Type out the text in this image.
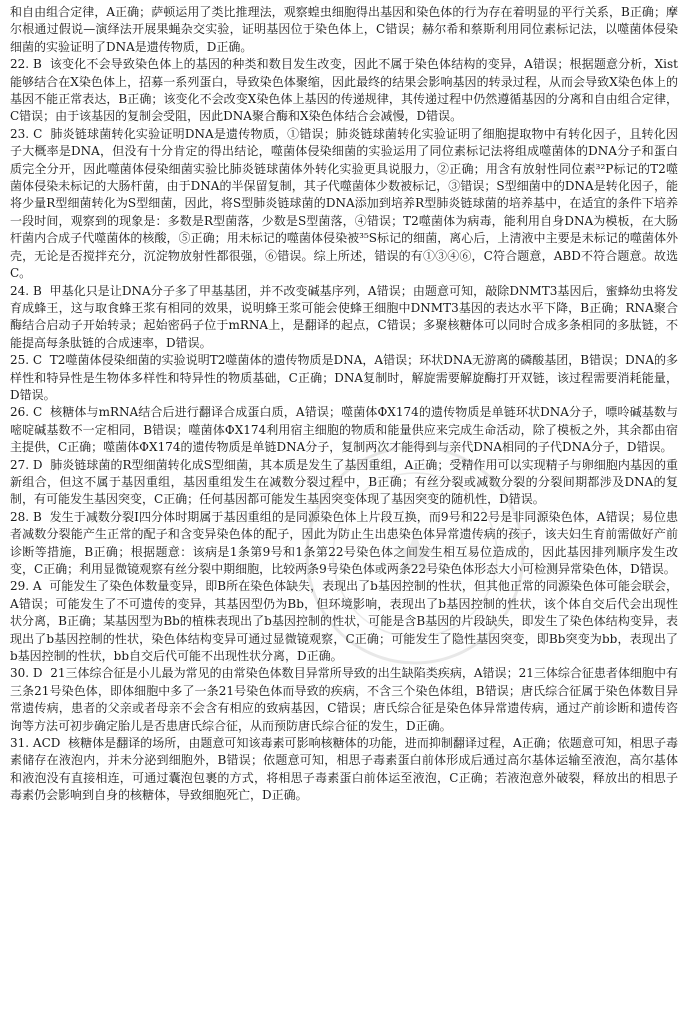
和自由组合定律，A正确；萨顿运用了类比推理法，观察蝗虫细胞得出基因和染色体的行为存在着明显的平行关系，B正确；摩尔根通过假说—演绎法开展果蝇杂交实验，证明基因位于染色体上，C错误；赫尔希和蔡斯利用同位素标记法，以噬菌体侵染细菌的实验证明了DNA是遗传物质，D正确。

22. B 该变化不会导致染色体上的基因的种类和数目发生改变，因此不属于染色体结构的变异，A错误；根据题意分析，Xist能够结合在X染色体上，招募一系列蛋白，导致染色体聚缩，因此最终的结果会影响基因的转录过程，从而会导致X染色体上的基因不能正常表达，B正确；该变化不会改变X染色体上基因的传递规律，其传递过程中仍然遵循基因的分离和自由组合定律，C错误；由于该基因的复制会受阻，因此DNA聚合酶和X染色体结合会减慢，D错误。

23. C 肺炎链球菌转化实验证明DNA是遗传物质，①错误；肺炎链球菌转化实验证明了细胞提取物中有转化因子，且转化因子大概率是DNA，但没有十分肯定的得出结论，噬菌体侵染细菌的实验运用了同位素标记法将组成噬菌体的DNA分子和蛋白质完全分开，因此噬菌体侵染细菌实验比肺炎链球菌体外转化实验更具说服力，②正确；用含有放射性同位素³²P标记的T2噬菌体侵染未标记的大肠杆菌，由于DNA的半保留复制，其子代噬菌体少数被标记，③错误；S型细菌中的DNA是转化因子，能将少量R型细菌转化为S型细菌，因此，将S型肺炎链球菌的DNA添加到培养R型肺炎链球菌的培养基中，在适宜的条件下培养一段时间，观察到的现象是：多数是R型菌落，少数是S型菌落，④错误；T2噬菌体为病毒，能利用自身DNA为模板，在大肠杆菌内合成子代噬菌体的核酸，⑤正确；用未标记的噬菌体侵染被³⁵S标记的细菌，离心后，上清液中主要是未标记的噬菌体外壳，无论是否搅拌充分，沉淀物放射性都很强，⑥错误。综上所述，错误的有①③④⑥，C符合题意，ABD不符合题意。故选C。

24. B 甲基化只是让DNA分子多了甲基基团，并不改变碱基序列，A错误；由题意可知，敲除DNMT3基因后，蜜蜂幼虫将发育成蜂王，这与取食蜂王浆有相同的效果，说明蜂王浆可能会使蜂王细胞中DNMT3基因的表达水平下降，B正确；RNA聚合酶结合启动子开始转录；起始密码子位于mRNA上，是翻译的起点，C错误；多聚核糖体可以同时合成多条相同的多肽链，不能提高每条肽链的合成速率，D错误。

25. C T2噬菌体侵染细菌的实验说明T2噬菌体的遗传物质是DNA，A错误；环状DNA无游离的磷酸基团，B错误；DNA的多样性和特异性是生物体多样性和特异性的物质基础，C正确；DNA复制时，解旋需要解旋酶打开双链，该过程需要消耗能量，D错误。

26. C 核糖体与mRNA结合后进行翻译合成蛋白质，A错误；噬菌体ΦX174的遗传物质是单链环状DNA分子，嘌呤碱基数与嘧啶碱基数不一定相同，B错误；噬菌体ΦX174利用宿主细胞的物质和能量供应来完成生命活动，除了模板之外，其余都由宿主提供，C正确；噬菌体ΦX174的遗传物质是单链DNA分子，复制两次才能得到与亲代DNA相同的子代DNA分子，D错误。

27. D 肺炎链球菌的R型细菌转化成S型细菌，其本质是发生了基因重组，A正确；受精作用可以实现精子与卵细胞内基因的重新组合，但这不属于基因重组，基因重组发生在减数分裂过程中，B正确；有丝分裂或减数分裂的分裂间期都涉及DNA的复制，有可能发生基因突变，C正确；任何基因都可能发生基因突变体现了基因突变的随机性，D错误。

28. B 发生于减数分裂Ⅰ四分体时期属于基因重组的是同源染色体上片段互换，而9号和22号是非同源染色体，A错误；易位患者减数分裂能产生正常的配子和含变异染色体的配子，因此为防止生出患染色体异常遗传病的孩子，该夫妇生育前需做好产前诊断等措施，B正确；根据题意：该病是1条第9号和1条第22号染色体之间发生相互易位造成的，因此基因排列顺序发生改变，C正确；利用显微镜观察有丝分裂中期细胞，比较两条9号染色体或两条22号染色体形态大小可检测异常染色体，D错误。

29. A 可能发生了染色体数量变异，即B所在染色体缺失，表现出了b基因控制的性状，但其他正常的同源染色体可能会联会，A错误；可能发生了不可遗传的变异，其基因型仍为Bb，但环境影响，表现出了b基因控制的性状，该个体自交后代会出现性状分离，B正确；某基因型为Bb的植株表现出了b基因控制的性状，可能是含B基因的片段缺失，即发生了染色体结构变异，表现出了b基因控制的性状，染色体结构变异可通过显微镜观察，C正确；可能发生了隐性基因突变，即Bb突变为bb，表现出了b基因控制的性状，bb自交后代可能不出现性状分离，D正确。

30. D 21三体综合征是小儿最为常见的由常染色体数目异常所导致的出生缺陷类疾病，A错误；21三体综合征患者体细胞中有三条21号染色体，即体细胞中多了一条21号染色体而导致的疾病，不含三个染色体组，B错误；唐氏综合征属于染色体数目异常遗传病，患者的父亲或者母亲不会含有相应的致病基因，C错误；唐氏综合征是染色体异常遗传病，通过产前诊断和遗传咨询等方法可初步确定胎儿是否患唐氏综合征，从而预防唐氏综合征的发生，D正确。

31. ACD 核糖体是翻译的场所，由题意可知该毒素可影响核糖体的功能，进而抑制翻译过程，A正确；依题意可知，相思子毒素储存在液泡内，并未分泌到细胞外，B错误；依题意可知，相思子毒素蛋白前体形成后通过高尔基体运输至液泡，高尔基体和液泡没有直接相连，可通过囊泡包裹的方式，将相思子毒素蛋白前体运至液泡，C正确；若液泡意外破裂，释放出的相思子毒素仍会影响到自身的核糖体，导致细胞死亡，D正确。
